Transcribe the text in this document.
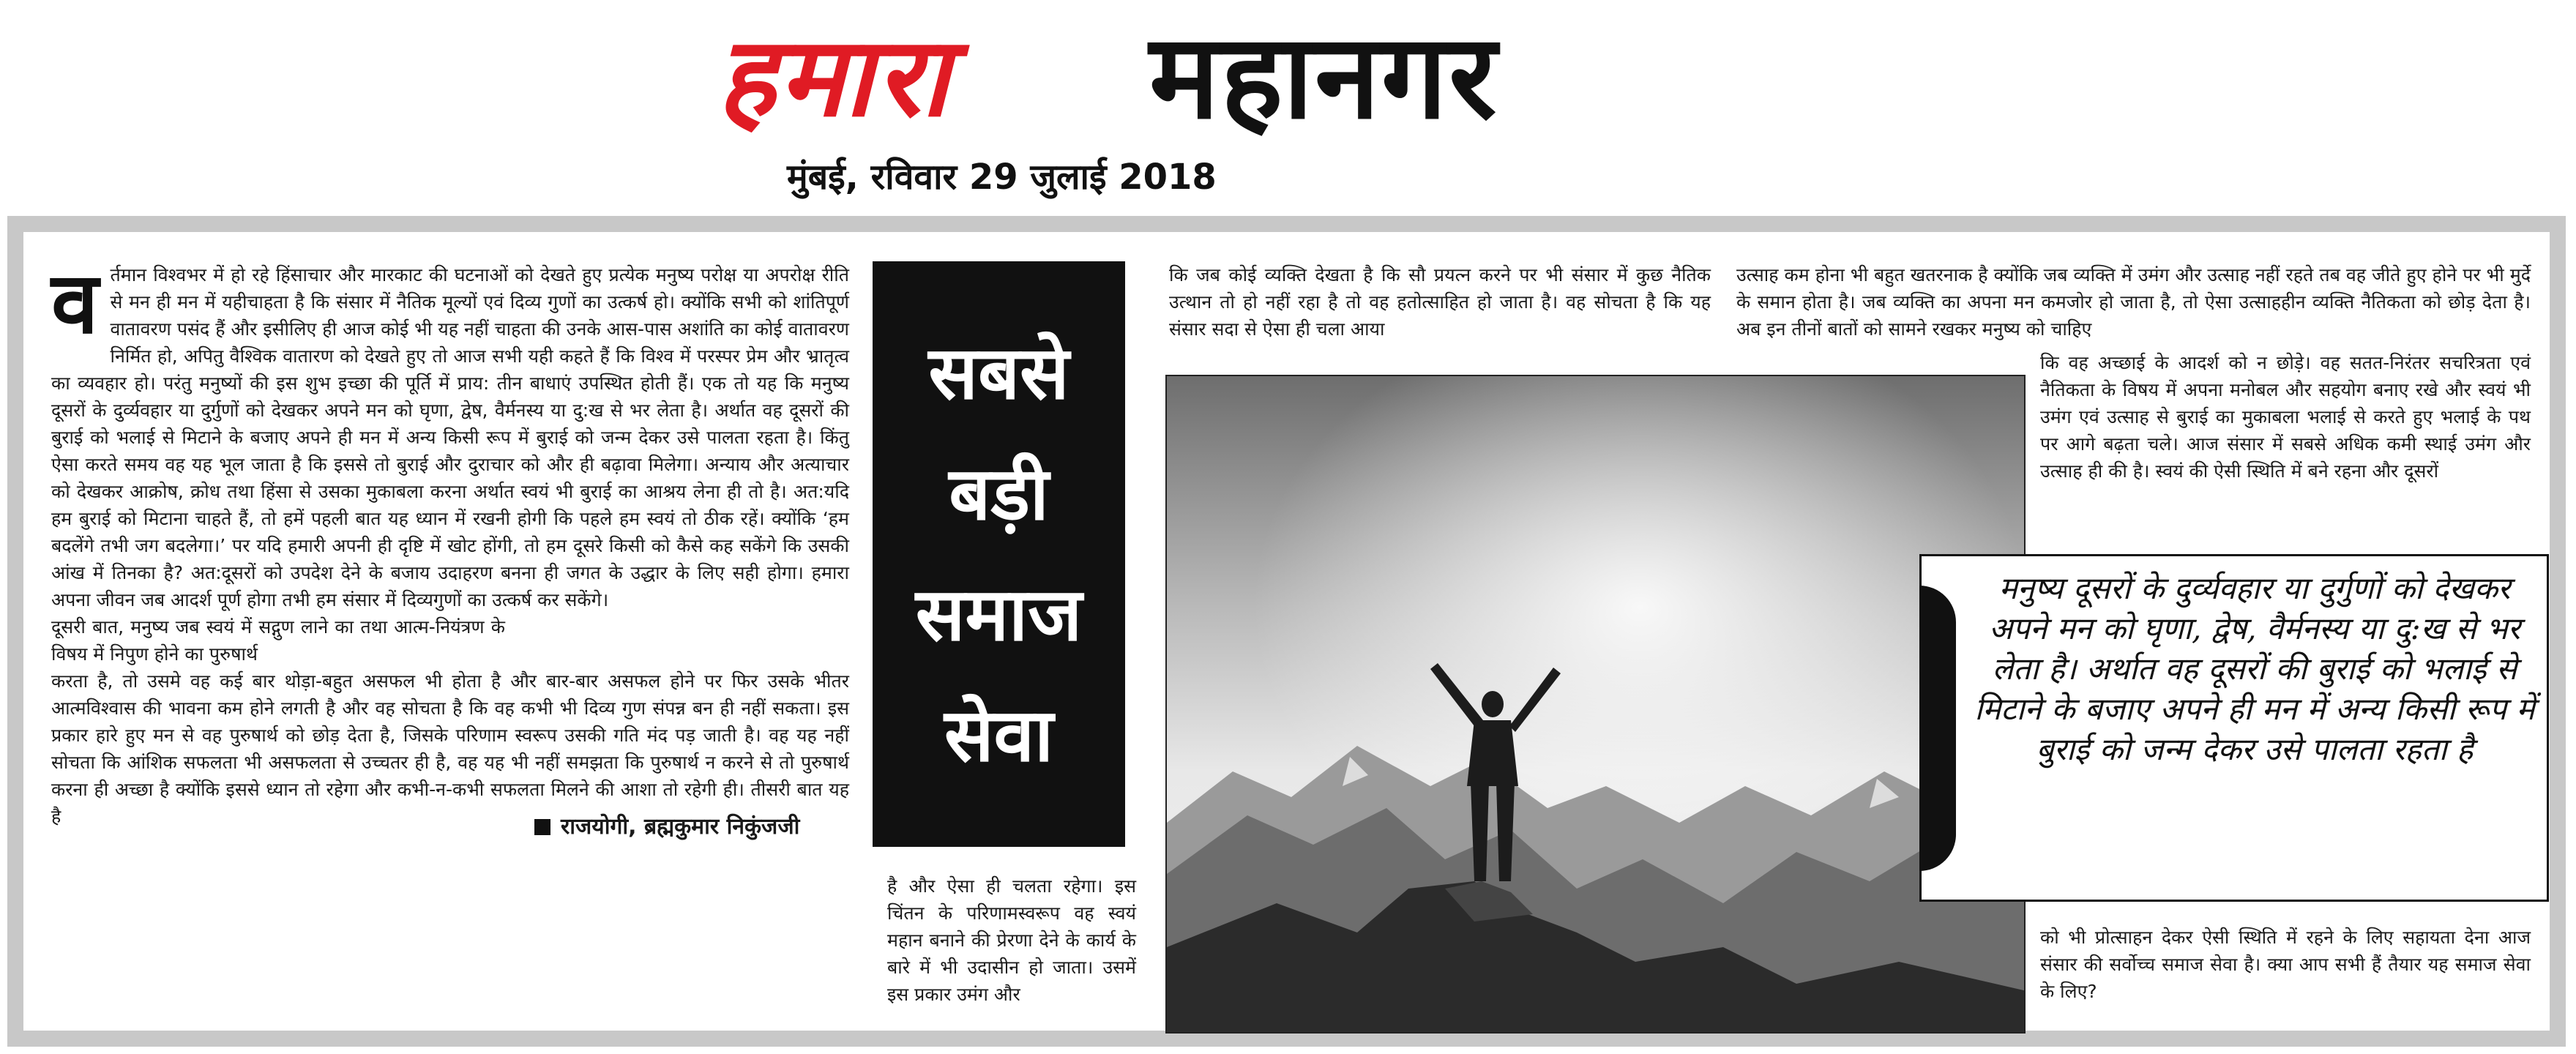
हमारा महानगर
मुंबई, रविवार 29 जुलाई 2018

व र्तमान विश्वभर में हो रहे हिंसाचार और मारकाट की घटनाओं को देखते हुए प्रत्येक मनुष्य परोक्ष या अपरोक्ष रीति से मन ही मन में यहीचाहता है कि संसार में नैतिक मूल्यों एवं दिव्य गुणों का उत्कर्ष हो। क्योंकि सभी को शांतिपूर्ण वातावरण पसंद हैं और इसीलिए ही आज कोई भी यह नहीं चाहता की उनके आस-पास अशांति का कोई वातावरण निर्मित हो, अपितु वैश्विक वातारण को देखते हुए तो आज सभी यही कहते हैं कि विश्व में परस्पर प्रेम और भ्रातृत्व का व्यवहार हो। परंतु मनुष्यों की इस शुभ इच्छा की पूर्ति में प्राय: तीन बाधाएं उपस्थित होती हैं। एक तो यह कि मनुष्य दूसरों के दुर्व्यवहार या दुर्गुणों को देखकर अपने मन को घृणा, द्वेष, वैर्मनस्य या दु:ख से भर लेता है। अर्थात वह दूसरों की बुराई को भलाई से मिटाने के बजाए अपने ही मन में अन्य किसी रूप में बुराई को जन्म देकर उसे पालता रहता है। किंतु ऐसा करते समय वह यह भूल जाता है कि इससे तो बुराई और दुराचार को और ही बढ़ावा मिलेगा। अन्याय और अत्याचार को देखकर आक्रोष, क्रोध तथा हिंसा से उसका मुकाबला करना अर्थात स्वयं भी बुराई का आश्रय लेना ही तो है। अत:यदि हम बुराई को मिटाना चाहते हैं, तो हमें पहली बात यह ध्यान में रखनी होगी कि पहले हम स्वयं तो ठीक रहें। क्योंकि ‘हम बदलेंगे तभी जग बदलेगा।’ पर यदि हमारी अपनी ही दृष्टि में खोट होंगी, तो हम दूसरे किसी को कैसे कह सकेंगे कि उसकी आंख में तिनका है? अत:दूसरों को उपदेश देने के बजाय उदाहरण बनना ही जगत के उद्धार के लिए सही होगा। हमारा अपना जीवन जब आदर्श पूर्ण होगा तभी हम संसार में दिव्यगुणों का उत्कर्ष कर सकेंगे।

दूसरी बात, मनुष्य जब स्वयं में सद्गुण लाने का तथा आत्म-नियंत्रण के विषय में निपुण होने का पुरुषार्थ

राजयोगी, ब्रह्मकुमार निकुंजजी

करता है, तो उसमे वह कई बार थोड़ा-बहुत असफल भी होता है और बार-बार असफल होने पर फिर उसके भीतर आत्मविश्वास की भावना कम होने लगती है और वह सोचता है कि वह कभी भी दिव्य गुण संपन्न बन ही नहीं सकता। इस प्रकार हारे हुए मन से वह पुरुषार्थ को छोड़ देता है, जिसके परिणाम स्वरूप उसकी गति मंद पड़ जाती है। वह यह नहीं सोचता कि आंशिक सफलता भी असफलता से उच्चतर ही है, वह यह भी नहीं समझता कि पुरुषार्थ न करने से तो पुरुषार्थ करना ही अच्छा है क्योंकि इससे ध्यान तो रहेगा और कभी-न-कभी सफलता मिलने की आशा तो रहेगी ही। तीसरी बात यह है

सबसे
बड़ी
समाज
सेवा

है और ऐसा ही चलता रहेगा। इस चिंतन के परिणामस्वरूप वह स्वयं महान बनाने की प्रेरणा देने के कार्य के बारे में भी उदासीन हो जाता। उसमें इस प्रकार उमंग और

कि जब कोई व्यक्ति देखता है कि सौ प्रयत्न करने पर भी संसार में कुछ नैतिक उत्थान तो हो नहीं रहा है तो वह हतोत्साहित हो जाता है। वह सोचता है कि यह संसार सदा से ऐसा ही चला आया

उत्साह कम होना भी बहुत खतरनाक है क्योंकि जब व्यक्ति में उमंग और उत्साह नहीं रहते तब वह जीते हुए होने पर भी मुर्दे के समान होता है। जब व्यक्ति का अपना मन कमजोर हो जाता है, तो ऐसा उत्साहहीन व्यक्ति नैतिकता को छोड़ देता है। अब इन तीनों बातों को सामने रखकर मनुष्य को चाहिए

कि वह अच्छाई के आदर्श को न छोड़े। वह सतत-निरंतर सचरित्रता एवं नैतिकता के विषय में अपना मनोबल और सहयोग बनाए रखे और स्वयं भी उमंग एवं उत्साह से बुराई का मुकाबला भलाई से करते हुए भलाई के पथ पर आगे बढ़ता चले। आज संसार में सबसे अधिक कमी स्थाई उमंग और उत्साह ही की है। स्वयं की ऐसी स्थिति में बने रहना और दूसरों

मनुष्य दूसरों के दुर्व्यवहार या दुर्गुणों को देखकर अपने मन को घृणा, द्वेष, वैर्मनस्य या दु:ख से भर लेता है। अर्थात वह दूसरों की बुराई को भलाई से मिटाने के बजाए अपने ही मन में अन्य किसी रूप में बुराई को जन्म देकर उसे पालता रहता है

को भी प्रोत्साहन देकर ऐसी स्थिति में रहने के लिए सहायता देना आज संसार की सर्वोच्च समाज सेवा है। क्या आप सभी हैं तैयार यह समाज सेवा के लिए?
